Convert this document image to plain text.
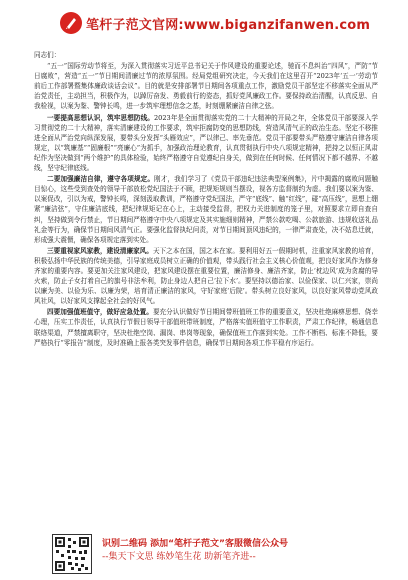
笔杆子范文官网:www.biganzifanwen.com

同志们：

“五一”国际劳动节将至，为深入贯彻落实习近平总书记关于作风建设的重要论述，驰而不息纠治“四风”，严防“节日腐败”，营造“五一”节日期间清廉过节的浓厚氛围。经局党组研究决定，今天我们在这里召开“2023年‘五一’劳动节前后工作部署暨集体廉政谈话会议”。目的就是安排部署节日期间各项重点工作，激励党员干部坚定不移落实全面从严治党责任，主动担当，积极作为，以踔厉奋发、勇毅前行的姿态，抓好党风廉政工作。要保持政治清醒，认真反思、自我检视，以案为鉴、警钟长鸣，进一步筑牢理想信念之基，时刻绷紧廉洁自律之弦。

一要提高思想认识，筑牢思想防线。2023年是全面贯彻落实党的二十大精神的开局之年，全体党员干部要深入学习贯彻党的二十大精神，落实清廉建设的工作要求，筑牢拒腐防变的思想防线，营造风清气正的政治生态。坚定不移推进全面从严治党向纵深发展，要带头分发挥“头雁效应”，严以律己、率先垂范。党员干部要带头严格遵守廉洁自律各项规定，以“筑廉基”“固廉根”“亮廉心”为抓手，加强政治理论教育，认真贯彻执行中央八项规定精神，把持之以恒正风肃纪作为坚决做到“两个维护”的具体检验，始终严格遵守自觉遵纪自身关，做到在任何时候、任何情况下都不越界、不越线，坚守纪律底线。

二要加强廉洁自律，遵守各项规定。刚才，我们学习了《党员干部违纪违法典型案例集》，片中揭露的腐败问题触目惊心，这些受到查处的领导干部放松党纪国法于不顾，把规矩规则当摆设，视各方监督制约为虚。我们要以案为鉴、以案促改，引以为戒，警钟长鸣，深刻汲取教训，严格遵守党纪国法，严守“底线”、触“红线”，碰“高压线”，思想上绷紧“廉洁弦”，守住廉洁底线，把纪律规矩记在心上，主动接受监督，把权力关进制度的笼子里，对照要求立即自查自纠，坚持做到令行禁止，节日期间严格遵守中央八项规定及其实施细则精神，严禁公款吃喝、公款旅游、违规收送礼品礼金等行为，确保节日期间风清气正。要强化监督执纪问责，对节日期间顶风违纪的，一律严肃查处，决不姑息迁就，形成强大震慑，确保各项规定落到实处。

三要重视家风家教，建设清廉家风。天下之本在国，国之本在家。要利用好五一假期时机，注重家风家教的培育，积极弘扬中华民族的传统美德，引导家庭成员树立正确的价值观，带头践行社会主义核心价值观，把良好家风作为修身齐家的重要内容。要更加关注家风建设，把家风建设摆在重要位置，廉洁修身、廉洁齐家，防止‘枕边风’成为贪腐的导火索，防止子女打着自己的旗号非法牟利，防止身边人把自己‘拉下水’。要坚持以德治家、以俭保家、以仁兴家，崇尚以廉为美、以俭为乐、以廉为荣，培育清正廉洁的家风，守好家庭‘后院’。带头树立良好家风，以良好家风带动党风政风社风，以好家风支撑起全社会的好风气。

四要加强值班值守，做好应急处置。要充分认识做好节日期间带班值班工作的重要意义，坚决杜绝麻痹思想、侥幸心理，压实工作责任，认真执行节假日领导干部值班带班制度，严格落实值班值守工作职责，严肃工作纪律，畅通信息联络渠道，严禁擅离职守，坚决杜绝空岗、漏岗、串岗等现象，确保值班工作落到实处。工作不断档、标准不降低，要严格执行“零报告”制度，及时准确上报各类突发事件信息，确保节日期间各项工作平稳有序运行。

识别二维码 添加“笔杆子范文”客服微信公众号
--集天下文思 练妙笔生花 助新笔齐进--
